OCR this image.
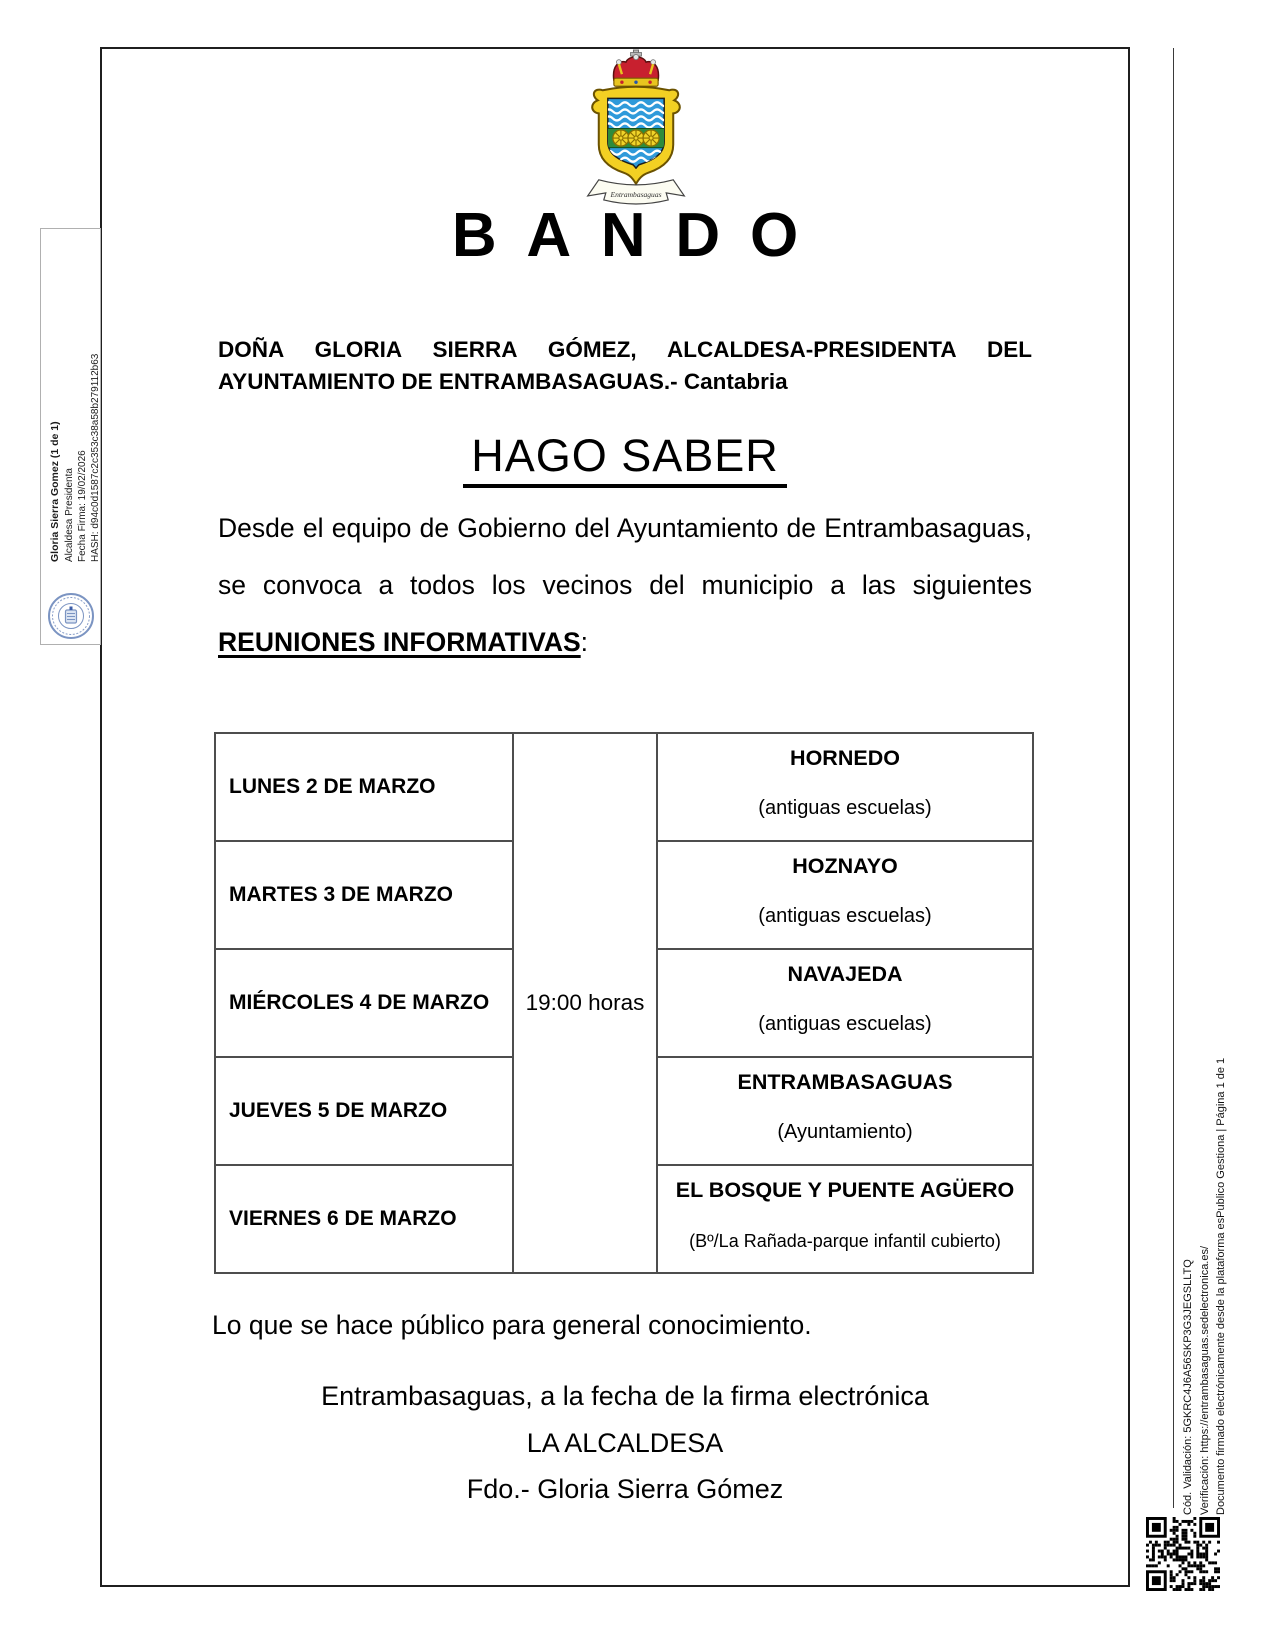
Entrambasaguas
BANDO

DOÑA GLORIA SIERRA GÓMEZ, ALCALDESA-PRESIDENTA DEL AYUNTAMIENTO DE ENTRAMBASAGUAS.- Cantabria

HAGO SABER

Desde el equipo de Gobierno del Ayuntamiento de Entrambasaguas, se convoca a todos los vecinos del municipio a las siguientes REUNIONES INFORMATIVAS:

LUNES 2 DE MARZO	19:00 horas	HORNEDO
(antiguas escuelas)

MARTES 3 DE MARZO		HOZNAYO
(antiguas escuelas)

MIÉRCOLES 4 DE MARZO		NAVAJEDA
(antiguas escuelas)

JUEVES 5 DE MARZO		ENTRAMBASAGUAS
(Ayuntamiento)

VIERNES 6 DE MARZO		EL BOSQUE Y PUENTE AGÜERO
(Bº/La Rañada-parque infantil cubierto)

Lo que se hace público para general conocimiento.

Entrambasaguas, a la fecha de la firma electrónica

LA ALCALDESA

Fdo.- Gloria Sierra Gómez

Gloria Sierra Gomez (1 de 1) Alcaldesa Presidenta Fecha Firma: 19/02/2026 HASH: d94c0d1587c2c353c38a58b279112b63
Cód. Validación: 5GKRC4J6A56SKP3G3JEGSLLTQ Verificación: https://entrambasaguas.sedelectronica.es/ Documento firmado electrónicamente desde la plataforma esPublico Gestiona | Página 1 de 1
